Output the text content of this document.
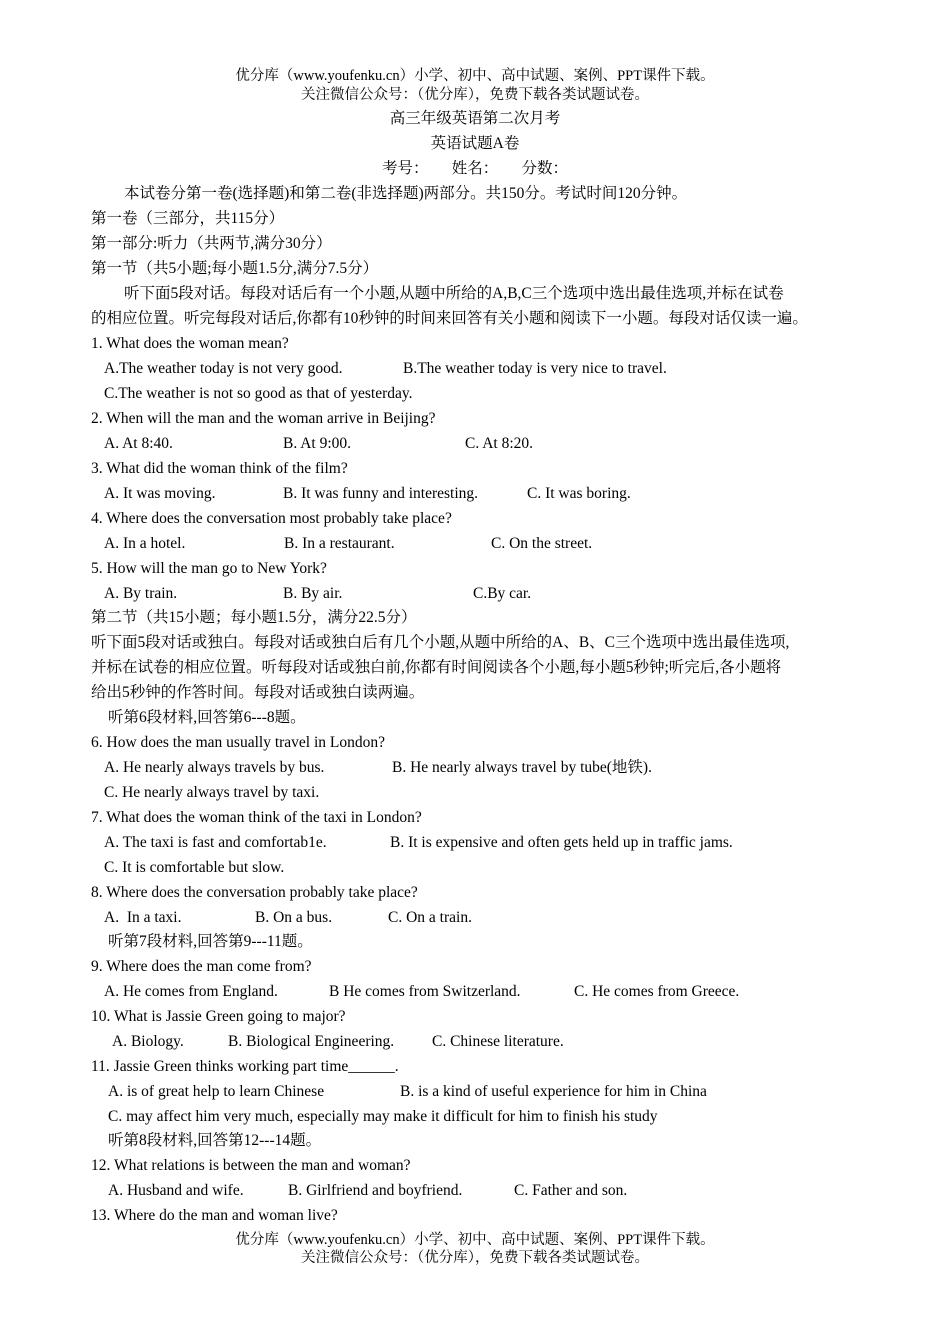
优分库（www.youfenku.cn）小学、初中、高中试题、案例、PPT课件下载。
关注微信公众号：（优分库），免费下载各类试题试卷。
高三年级英语第二次月考
英语试题A卷
考号：      姓名：      分数：
本试卷分第一卷(选择题)和第二卷(非选择题)两部分。共150分。考试时间120分钟。
第一卷（三部分，共115分）
第一部分:听力（共两节,满分30分）
第一节（共5小题;每小题1.5分,满分7.5分）
听下面5段对话。每段对话后有一个小题,从题中所给的A,B,C三个选项中选出最佳选项,并标在试卷
的相应位置。听完每段对话后,你都有10秒钟的时间来回答有关小题和阅读下一小题。每段对话仅读一遍。
1. What does the woman mean?
A.The weather today is not very good.	B.The weather today is very nice to travel.
C.The weather is not so good as that of yesterday.
2. When will the man and the woman arrive in Beijing?
A. At 8:40.	B. At 9:00.	C. At 8:20.
3. What did the woman think of the film?
A. It was moving.	B. It was funny and interesting.	C. It was boring.
4. Where does the conversation most probably take place?
A. In a hotel.	B. In a restaurant.	C. On the street.
5. How will the man go to New York?
A. By train.	B. By air.	C.By car.
第二节（共15小题；每小题1.5分，满分22.5分）
听下面5段对话或独白。每段对话或独白后有几个小题,从题中所给的A、B、C三个选项中选出最佳选项,
并标在试卷的相应位置。听每段对话或独白前,你都有时间阅读各个小题,每小题5秒钟;听完后,各小题将
给出5秒钟的作答时间。每段对话或独白读两遍。
听第6段材料,回答第6---8题。
6. How does the man usually travel in London?
A. He nearly always travels by bus.	B. He nearly always travel by tube(地铁).
C. He nearly always travel by taxi.
7. What does the woman think of the taxi in London?
A. The taxi is fast and comfortab1e.	B. It is expensive and often gets held up in traffic jams.
C. It is comfortable but slow.
8. Where does the conversation probably take place?
A.  In a taxi.	B. On a bus.	C. On a train.
听第7段材料,回答第9---11题。
9. Where does the man come from?
A. He comes from England.	B He comes from Switzerland.	C. He comes from Greece.
10. What is Jassie Green going to major?
A. Biology.	B. Biological Engineering. C. Chinese literature.
11. Jassie Green thinks working part time______.
A. is of great help to learn Chinese	B. is a kind of useful experience for him in China
C. may affect him very much, especially may make it difficult for him to finish his study
听第8段材料,回答第12---14题。
12. What relations is between the man and woman?
A. Husband and wife.	B. Girlfriend and boyfriend.	C. Father and son.
13. Where do the man and woman live?
优分库（www.youfenku.cn）小学、初中、高中试题、案例、PPT课件下载。
关注微信公众号：（优分库），免费下载各类试题试卷。
